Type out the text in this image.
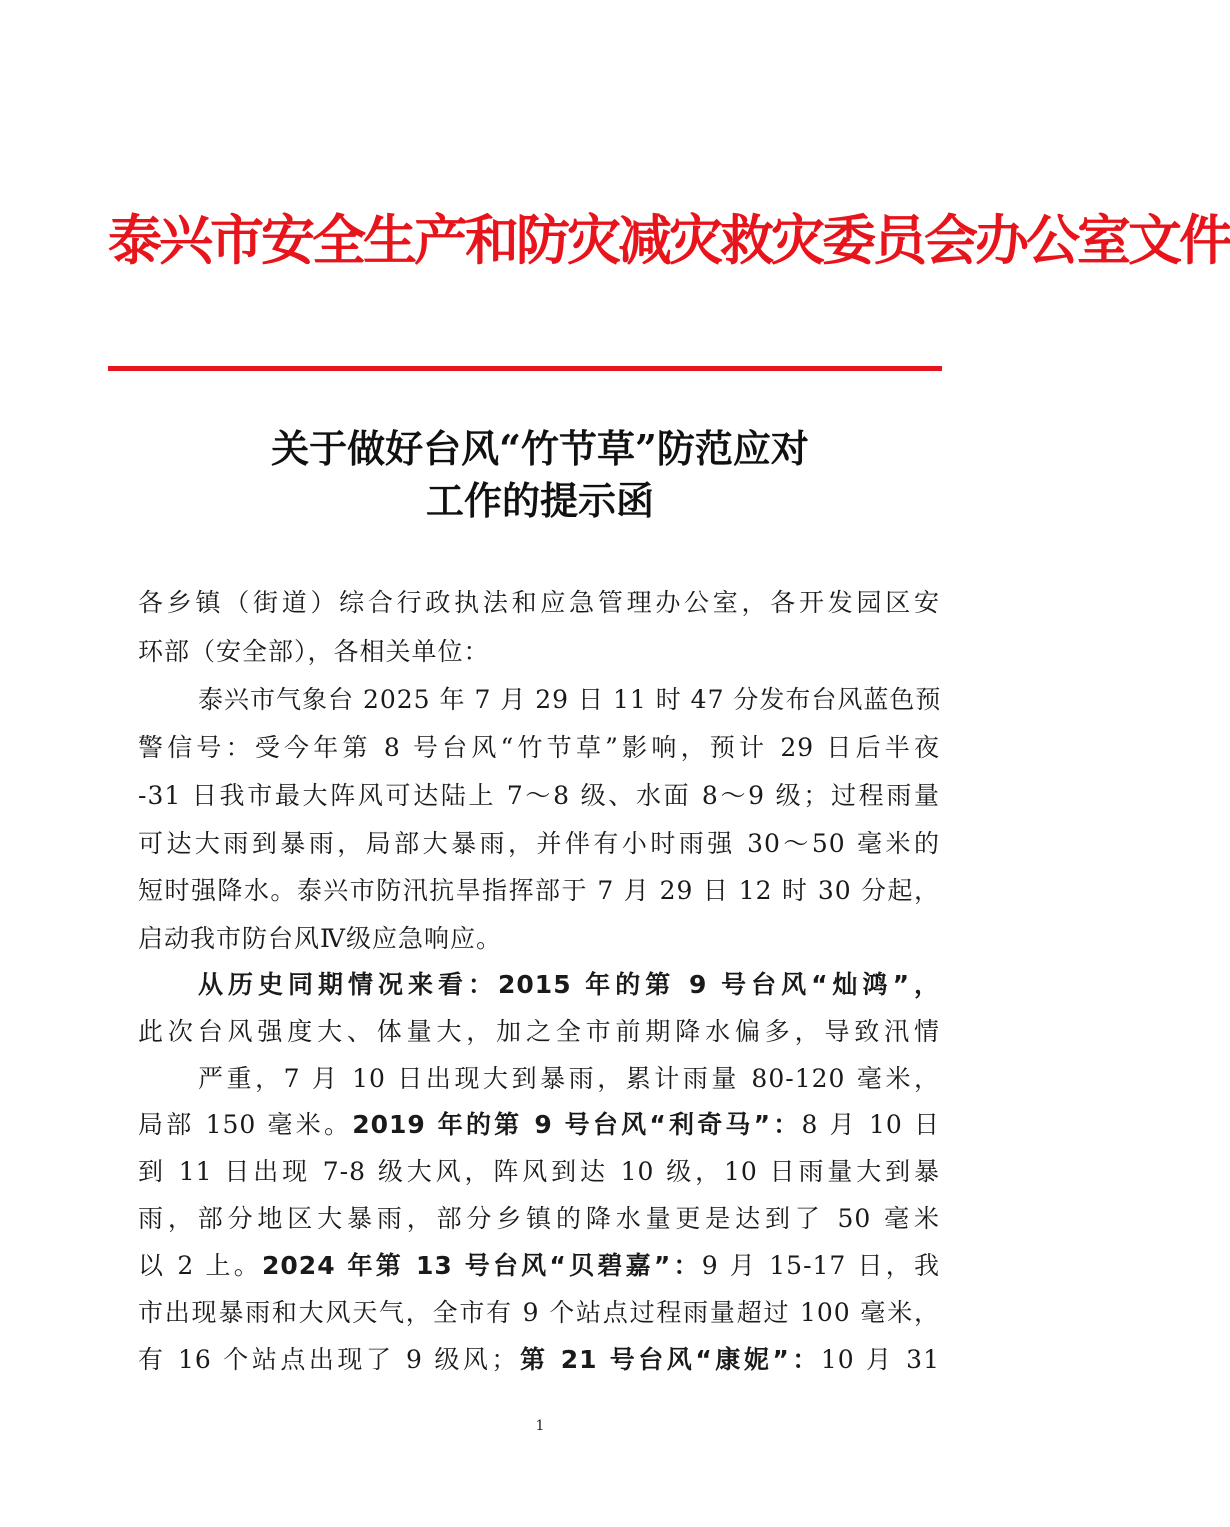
泰兴市安全生产和防灾减灾救灾委员会办公室文件
关于做好台风“竹节草”防范应对
工作的提示函
各乡镇（街道）综合行政执法和应急管理办公室，各开发园区安
环部（安全部），各相关单位：
泰兴市气象台 2025 年 7 月 29 日 11 时 47 分发布台风蓝色预
警信号：受今年第 8 号台风“竹节草”影响，预计 29 日后半夜
-31 日我市最大阵风可达陆上 7～8 级、水面 8～9 级；过程雨量
可达大雨到暴雨，局部大暴雨，并伴有小时雨强 30～50 毫米的
短时强降水。泰兴市防汛抗旱指挥部于 7 月 29 日 12 时 30 分起，
启动我市防台风Ⅳ级应急响应。
从历史同期情况来看：2015 年的第 9 号台风“灿鸿”，
此次台风强度大、体量大，加之全市前期降水偏多，导致汛情
严重，7 月 10 日出现大到暴雨，累计雨量 80-120 毫米，
局部 150 毫米。2019 年的第 9 号台风“利奇马”：8 月 10 日
到 11 日出现 7-8 级大风，阵风到达 10 级，10 日雨量大到暴
雨，部分地区大暴雨，部分乡镇的降水量更是达到了 50 毫米
以 2 上。2024 年第 13 号台风“贝碧嘉”：9 月 15-17 日，我
市出现暴雨和大风天气，全市有 9 个站点过程雨量超过 100 毫米，
有 16 个站点出现了 9 级风；第 21 号台风“康妮”：10 月 31
1
